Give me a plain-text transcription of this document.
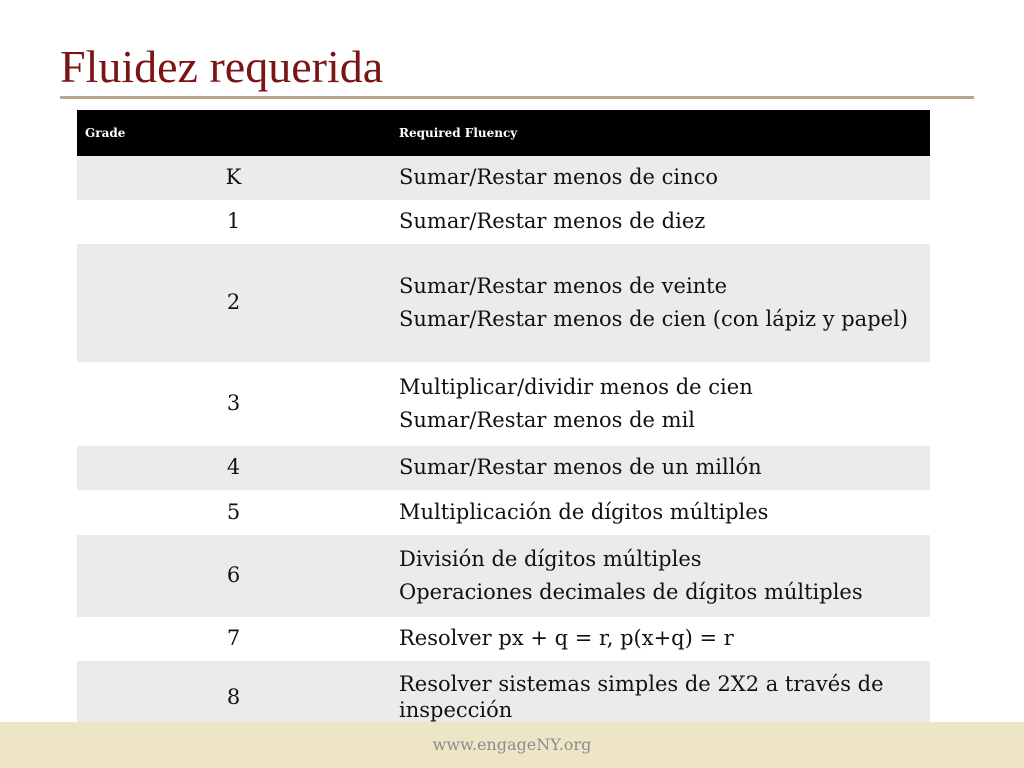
Fluidez requerida
Grade	Required Fluency
K	Sumar/Restar menos de cinco

1	Sumar/Restar menos de diez

2	Sumar/Restar menos de veinte
Sumar/Restar menos de cien (con lápiz y papel)

3	Multiplicar/dividir menos de cien
Sumar/Restar menos de mil

4	Sumar/Restar menos de un millón

5	Multiplicación de dígitos múltiples

6	División de dígitos múltiples
Operaciones decimales de dígitos múltiples

7	Resolver px + q = r, p(x+q) = r

8	Resolver sistemas simples de 2X2 a través de inspección
www.engageNY.org
